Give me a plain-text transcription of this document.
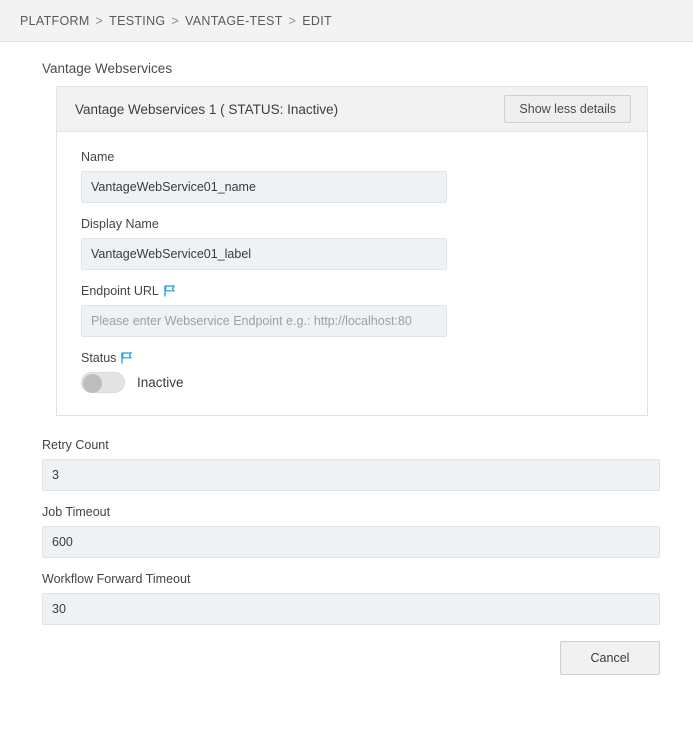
PLATFORM > TESTING > VANTAGE-TEST > EDIT
Vantage Webservices
Vantage Webservices 1 ( STATUS: Inactive)	Show less details
Name
VantageWebService01_name
Display Name
VantageWebService01_label
Endpoint URL
Please enter Webservice Endpoint e.g.: http://localhost:80
Status
Inactive
Retry Count
3
Job Timeout
600
Workflow Forward Timeout
30
Cancel
